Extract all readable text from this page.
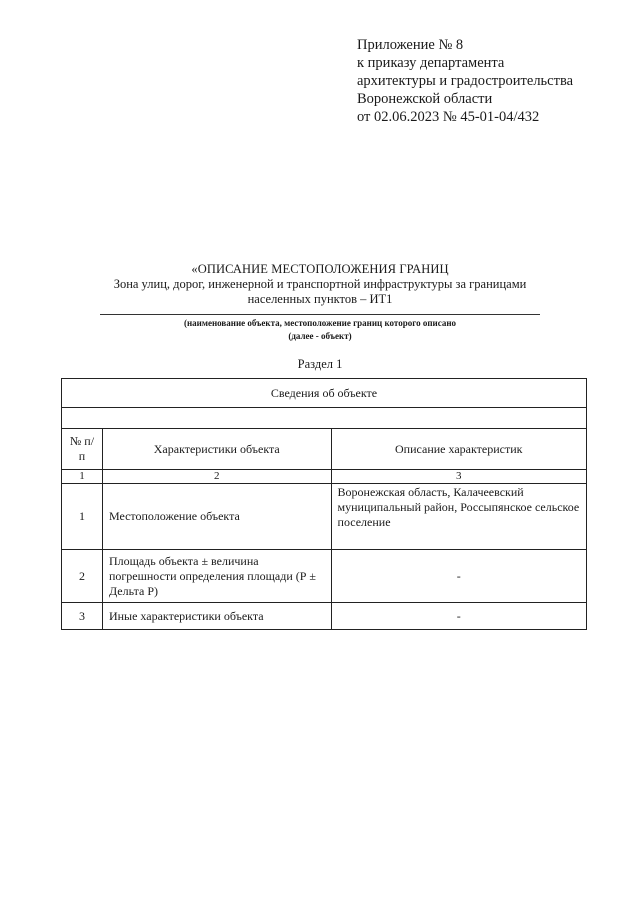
Приложение № 8
к приказу департамента
архитектуры и градостроительства
Воронежской области
от 02.06.2023 № 45-01-04/432
«ОПИСАНИЕ МЕСТОПОЛОЖЕНИЯ ГРАНИЦ
Зона улиц, дорог, инженерной и транспортной инфраструктуры за границами
населенных пунктов – ИТ1
(наименование объекта, местоположение границ которого описано
(далее - объект)
Раздел 1
Сведения об объекте		

№ п/п	Характеристики объекта	Описание характеристик
1	2	3
1	Местоположение объекта	Воронежская область, Калачеевский муниципальный район, Россыпянское сельское поселение
2	Площадь объекта ± величина погрешности определения площади (Р ± Дельта Р)	-
3	Иные характеристики объекта	-
